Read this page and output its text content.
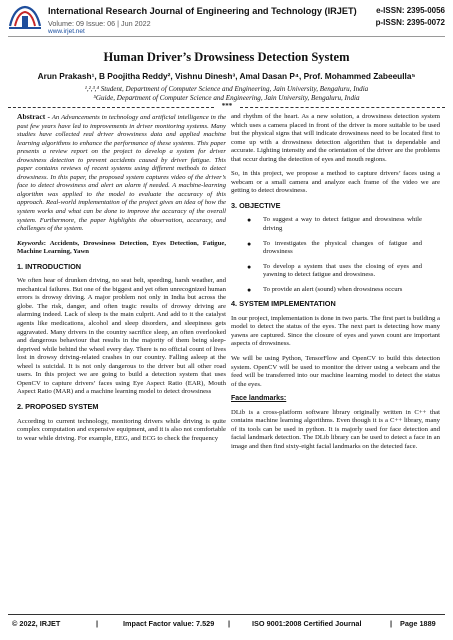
International Research Journal of Engineering and Technology (IRJET)
Volume: 09 Issue: 06 | Jun 2022
www.irjet.net
e-ISSN: 2395-0056
p-ISSN: 2395-0072
Human Driver’s Drowsiness Detection System
Arun Prakash¹, B Poojitha Reddy², Vishnu Dinesh³, Amal Dasan P⁴, Prof. Mohammed Zabeeulla⁵
¹,²,³,⁴ Student, Department of Computer Science and Engineering, Jain University, Bengaluru, India
⁵Guide, Department of Computer Science and Engineering, Jain University, Bengaluru, India
***

Abstract - An Advancements in technology and artificial intelligence in the past few years have led to improvements in driver monitoring systems. Many studies have collected real driver drowsiness data and applied machine learning algorithms to enhance the performance of these systems. This paper presents a review report on the project to develop a system for driver drowsiness detection to prevent accidents caused by driver fatigue. This paper contains reviews of recent systems using different methods to detect drowsiness. In this paper, the proposed system captures video of the driver’s face to detect drowsiness and alert an alarm if needed. A machine-learning algorithm was applied to the model to evaluate the accuracy of this approach. Real-world implementation of the project gives an idea of how the system works and what can be done to improve the accuracy of the overall system. Furthermore, the paper highlights the observation, accuracy, and challenges of the system.

Keywords: Accidents, Drowsiness Detection, Eyes Detection, Fatigue, Machine Learning, Yawn

1. INTRODUCTION

We often hear of drunken driving, no seat belt, speeding, harsh weather, and mechanical failures. But one of the biggest and yet often unrecognized human errors is drowsy driving. A major problem not only in India but across the globe. The risk, danger, and often tragic results of drowsy driving are alarming indeed. Lack of sleep is the main culprit. And add to it the catalyst agents like medications, alcohol and sleep disorders, and sleepiness gets aggravated. Many drivers in the country sacrifice sleep, an often overlooked and dangerous behaviour that results in the majority of them being sleep-deprived while behind the wheel every day. There is no official count of lives lost in drowsy driving-related crashes in our country. Falling asleep at the wheel is suicidal. It is not only dangerous to the driver but all other road users. In this project we are going to build a detection system that uses OpenCV to capture drivers’ faces using Eye Aspect Ratio (EAR), Mouth Aspect Ratio (MAR) and a machine learning model to detect drowsiness

2. PROPOSED SYSTEM

According to current technology, monitoring drivers while driving is quite complex computation and expensive equipment, and it is also not comfortable to wear while driving. For example, EEG, and ECG to check the frequency

and rhythm of the heart. As a new solution, a drowsiness detection system which uses a camera placed in front of the driver is more suitable to be used but the physical signs that will indicate drowsiness need to be located first to come up with a drowsiness detection algorithm that is dependable and accurate. Lighting intensity and the orientation of the driver are the problems that occur during the detection of eyes and mouth regions.

So, in this project, we propose a method to capture drivers’ faces using a webcam or a small camera and analyze each frame of the video we are getting to detect drowsiness.

3. OBJECTIVE
● To suggest a way to detect fatigue and drowsiness while driving
● To investigates the physical changes of fatigue and drowsiness
● To develop a system that uses the closing of eyes and yawning to detect fatigue and drowsiness.
● To provide an alert (sound) when drowsiness occurs
4. SYSTEM IMPLEMENTATION

In our project, implementation is done in two parts. The first part is building a model to detect the status of the eyes. The next part is detecting how many yawns are captured. Since the closure of eyes and yawn count are important aspects of drowsiness.

We will be using Python, TensorFlow and OpenCV to build this detection system. OpenCV will be used to monitor the driver using a webcam and the feed will be transferred into our machine learning model to detect the status of the eyes.

Face landmarks:

DLib is a cross-platform software library originally written in C++ that contains machine learning algorithms. Even though it is a C++ library, many of its tools can be used in python. It is majorly used for face detection and facial landmark detection. The DLib library can be used to detect a face in an image and then find sixty-eight facial landmarks on the detected face.

© 2022, IRJET	|	Impact Factor value: 7.529 |	ISO 9001:2008 Certified Journal	| Page 1889
